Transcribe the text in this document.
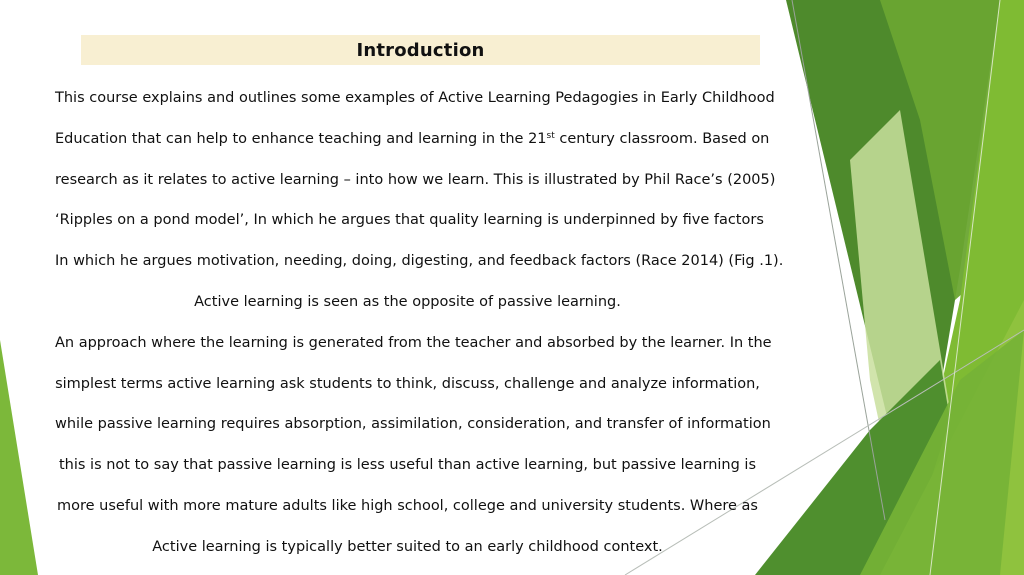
Introduction
This course explains and outlines some examples of Active Learning Pedagogies in Early Childhood
Education that can help to enhance teaching and learning in the 21st century classroom. Based on
research as it relates to active learning – into how we learn. This is illustrated by Phil Race’s (2005)
‘Ripples on a pond model’, In which he argues that quality learning is underpinned by five factors
In which he argues motivation, needing, doing, digesting, and feedback factors (Race 2014) (Fig .1).
Active learning is seen as the opposite of passive learning.
An approach where the learning is generated from the teacher and absorbed by the learner. In the
simplest terms active learning ask students to think, discuss, challenge and analyze information,
while passive learning requires absorption, assimilation, consideration, and transfer of information
this is not to say that passive learning is less useful than active learning, but passive learning is
more useful with more mature adults like high school, college and university students. Where as
Active learning is typically better suited to an early childhood context.
